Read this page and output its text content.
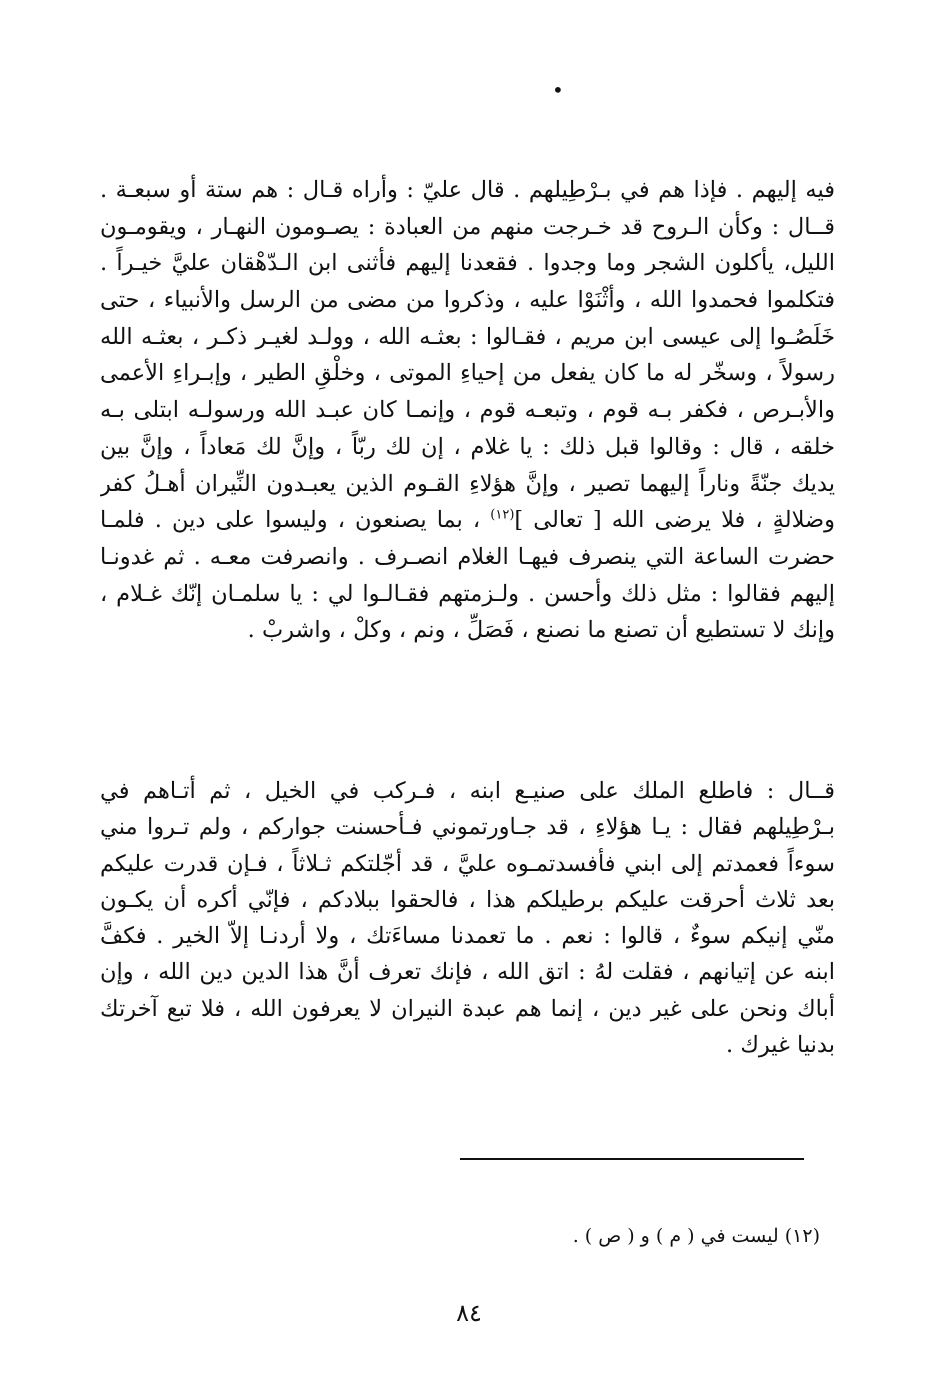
•
فيه إليهم . فإذا هم في بـرْطِيلهم . قال عليّ : وأراه قـال : هم ستة أو سبعـة .
قــال : وكأن الـروح قد خـرجت منهم من العبادة : يصـومون النهـار ، ويقومـون
الليل، يأكلون الشجر وما وجدوا . فقعدنا إليهم فأثنى ابن الـدّهْقان عليَّ خيـراً .
فتكلموا فحمدوا الله ، وأثْنَوْا عليه ، وذكروا من مضى من الرسل والأنبياء ، حتى
خَلَصُـوا إلى عيسى ابن مريم ، فقـالوا : بعثـه الله ، وولـد لغيـر ذكـر ، بعثـه الله
رسولاً ، وسخّر له ما كان يفعل من إحياءِ الموتى ، وخلْقِ الطير ، وإبـراءِ الأعمى
والأبـرص ، فكفر بـه قوم ، وتبعـه قوم ، وإنمـا كان عبـد الله ورسولـه ابتلى بـه
خلقه ، قال : وقالوا قبل ذلك : يا غلام ، إن لك ربّاً ، وإنَّ لك مَعاداً ، وإنَّ بين
يديك جنّةً وناراً إليهما تصير ، وإنَّ هؤلاءِ القـوم الذين يعبـدون النِّيران أهـلُ كفر
وضلالةٍ ، فلا يرضى الله [ تعالى ]$^{(١٢)}$ ، بما يصنعون ، وليسوا على دين . فلمـا
حضرت الساعة التي ينصرف فيهـا الغلام انصـرف . وانصرفت معـه . ثم غدونـا
إليهم فقالوا : مثل ذلك وأحسن . ولـزمتهم فقـالـوا لي : يا سلمـان إنّك غـلام ،
وإنك لا تستطيع أن تصنع ما نصنع ، فَصَلِّ ، ونم ، وكلْ ، واشربْ .
قــال : فاطلع الملك على صنيـع ابنه ، فـركب في الخيل ، ثم أتـاهم في
بـرْطِيلهم فقال : يـا هؤلاءِ ، قد جـاورتموني فـأحسنت جواركم ، ولم تـروا مني
سوءاً فعمدتم إلى ابني فأفسدتمـوه عليَّ ، قد أجّلتكم ثـلاثاً ، فـإن قدرت عليكم
بعد ثلاث أحرقت عليكم برطيلكم هذا ، فالحقوا ببلادكم ، فإنّي أكره أن يكـون
منّي إنيكم سوءٌ ، قالوا : نعم . ما تعمدنا مساءَتك ، ولا أردنـا إلاّ الخير . فكفَّ
ابنه عن إتيانهم ، فقلت لهُ : اتق الله ، فإنك تعرف أنَّ هذا الدين دين الله ، وإن
أباك ونحن على غير دين ، إنما هم عبدة النيران لا يعرفون الله ، فلا تبع آخرتك
بدنيا غيرك .
(١٢) ليست في ( م ) و ( ص ) .
٨٤
